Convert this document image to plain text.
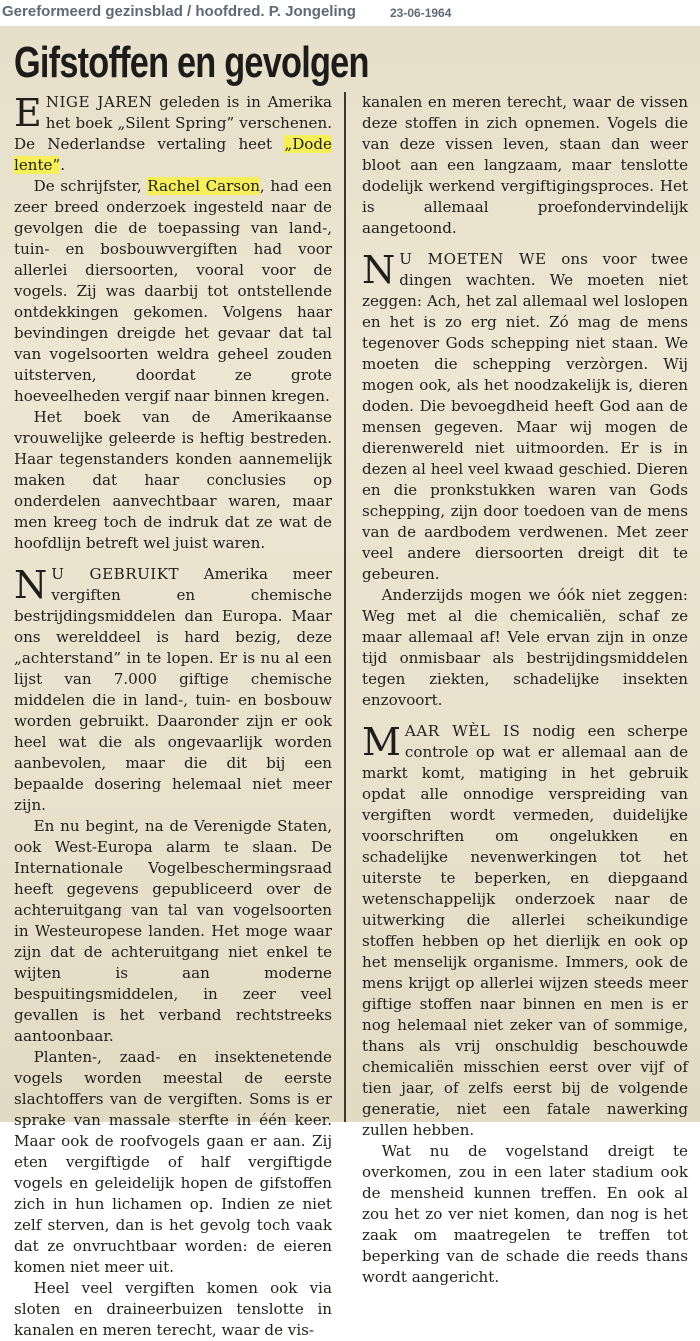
Gereformeerd gezinsblad / hoofdred. P. Jongeling	23-06-1964
Gifstoffen en gevolgen

ENIGE JAREN geleden is in Amerika het boek „Silent Spring” verschenen. De Nederlandse vertaling heet „Dode lente”.

De schrijfster, Rachel Carson, had een zeer breed onderzoek ingesteld naar de gevolgen die de toepassing van land-, tuin- en bosbouwvergiften had voor allerlei diersoorten, vooral voor de vogels. Zij was daarbij tot ontstellende ontdekkingen gekomen. Volgens haar bevindingen dreigde het gevaar dat tal van vogelsoorten weldra geheel zouden uitsterven, doordat ze grote hoeveelheden vergif naar binnen kregen.

Het boek van de Amerikaanse vrouwelijke geleerde is heftig bestreden. Haar tegenstanders konden aannemelijk maken dat haar conclusies op onderdelen aanvechtbaar waren, maar men kreeg toch de indruk dat ze wat de hoofdlijn betreft wel juist waren.

N U GEBRUIKT Amerika meer vergiften en chemische bestrijdingsmiddelen dan Europa. Maar ons werelddeel is hard bezig, deze „achterstand” in te lopen. Er is nu al een lijst van 7.000 giftige chemische middelen die in land-, tuin- en bosbouw worden gebruikt. Daaronder zijn er ook heel wat die als ongevaarlijk worden aanbevolen, maar die dit bij een bepaalde dosering helemaal niet meer zijn.

En nu begint, na de Verenigde Staten, ook West-Europa alarm te slaan. De Internationale Vogelbeschermingsraad heeft gegevens gepubliceerd over de achteruitgang van tal van vogelsoorten in Westeuropese landen. Het moge waar zijn dat de achteruitgang niet enkel te wijten is aan moderne bespuitingsmiddelen, in zeer veel gevallen is het verband rechtstreeks aantoonbaar.

Planten-, zaad- en insektenetende vogels worden meestal de eerste slachtoffers van de vergiften. Soms is er sprake van massale sterfte in één keer. Maar ook de roofvogels gaan er aan. Zij eten vergiftigde of half vergiftigde vogels en geleidelijk hopen de gifstoffen zich in hun lichamen op. Indien ze niet zelf sterven, dan is het gevolg toch vaak dat ze onvruchtbaar worden: de eieren komen niet meer uit.

Heel veel vergiften komen ook via sloten en draineerbuizen tenslotte in kanalen en meren terecht, waar de vis-

kanalen en meren terecht, waar de vissen deze stoffen in zich opnemen. Vogels die van deze vissen leven, staan dan weer bloot aan een langzaam, maar tenslotte dodelijk werkend vergiftigingsproces. Het is allemaal proefondervindelijk aangetoond.

N U MOETEN WE ons voor twee dingen wachten. We moeten niet zeggen: Ach, het zal allemaal wel loslopen en het is zo erg niet. Zó mag de mens tegenover Gods schepping niet staan. We moeten die schepping verzòrgen. Wij mogen ook, als het noodzakelijk is, dieren doden. Die bevoegdheid heeft God aan de mensen gegeven. Maar wij mogen de dierenwereld niet uitmoorden. Er is in dezen al heel veel kwaad geschied. Dieren en die pronkstukken waren van Gods schepping, zijn door toedoen van de mens van de aardbodem verdwenen. Met zeer veel andere diersoorten dreigt dit te gebeuren.

Anderzijds mogen we óók niet zeggen: Weg met al die chemicaliën, schaf ze maar allemaal af! Vele ervan zijn in onze tijd onmisbaar als bestrijdingsmiddelen tegen ziekten, schadelijke insekten enzovoort.

MAAR WÈL IS nodig een scherpe controle op wat er allemaal aan de markt komt, matiging in het gebruik opdat alle onnodige verspreiding van vergiften wordt vermeden, duidelijke voorschriften om ongelukken en schadelijke nevenwerkingen tot het uiterste te beperken, en diepgaand wetenschappelijk onderzoek naar de uitwerking die allerlei scheikundige stoffen hebben op het dierlijk en ook op het menselijk organisme. Immers, ook de mens krijgt op allerlei wijzen steeds meer giftige stoffen naar binnen en men is er nog helemaal niet zeker van of sommige, thans als vrij onschuldig beschouwde chemicaliën misschien eerst over vijf of tien jaar, of zelfs eerst bij de volgende generatie, niet een fatale nawerking zullen hebben.

Wat nu de vogelstand dreigt te overkomen, zou in een later stadium ook de mensheid kunnen treffen. En ook al zou het zo ver niet komen, dan nog is het zaak om maatregelen te treffen tot beperking van de schade die reeds thans wordt aangericht.
